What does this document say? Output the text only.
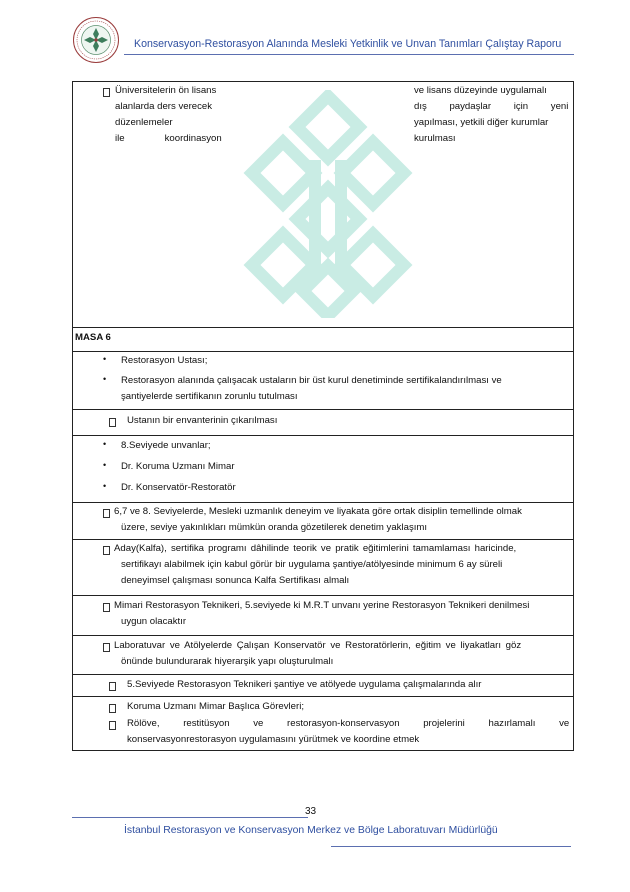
Konservasyon-Restorasyon Alanında Mesleki Yetkinlik ve Unvan Tanımları Çalıştay Raporu
Üniversitelerin ön lisans
alanlarda ders verecek
düzenlemeler
ile	koordinasyon
ve lisans düzeyinde uygulamalı
dış paydaşlar için yeni
yapılması, yetkili diğer kurumlar
kurulması
MASA 6
• Restorasyon Ustası;
• Restorasyon alanında çalışacak ustaların bir üst kurul denetiminde sertifikalandırılması ve
şantiyelerde sertifikanın zorunlu tutulması
Ustanın bir envanterinin çıkarılması
• 8.Seviyede unvanlar;
• Dr. Koruma Uzmanı Mimar
• Dr. Konservatör-Restoratör
6,7 ve 8. Seviyelerde, Mesleki uzmanlık deneyim ve liyakata göre ortak disiplin temellinde olmak
üzere, seviye yakınlıkları mümkün oranda gözetilerek denetim yaklaşımı
Aday(Kalfa), sertifika programı dâhilinde teorik ve pratik eğitimlerini tamamlaması haricinde,
sertifikayı alabilmek için kabul görür bir uygulama şantiye/atölyesinde minimum 6 ay süreli
deneyimsel çalışması sonunca Kalfa Sertifikası almalı
Mimari Restorasyon Teknikeri, 5.seviyede ki M.R.T unvanı yerine Restorasyon Teknikeri denilmesi
uygun olacaktır
Laboratuvar ve Atölyelerde Çalışan Konservatör ve Restoratörlerin, eğitim ve liyakatları göz
önünde bulundurarak hiyerarşik yapı oluşturulmalı
5.Seviyede Restorasyon Teknikeri şantiye ve atölyede uygulama çalışmalarında alır
Koruma Uzmanı Mimar Başlıca Görevleri;
Rölöve, restitüsyon ve restorasyon-konservasyon projelerini hazırlamalı ve
konservasyonrestorasyon uygulamasını yürütmek ve koordine etmek
33
İstanbul Restorasyon ve Konservasyon Merkez ve Bölge Laboratuvarı Müdürlüğü
